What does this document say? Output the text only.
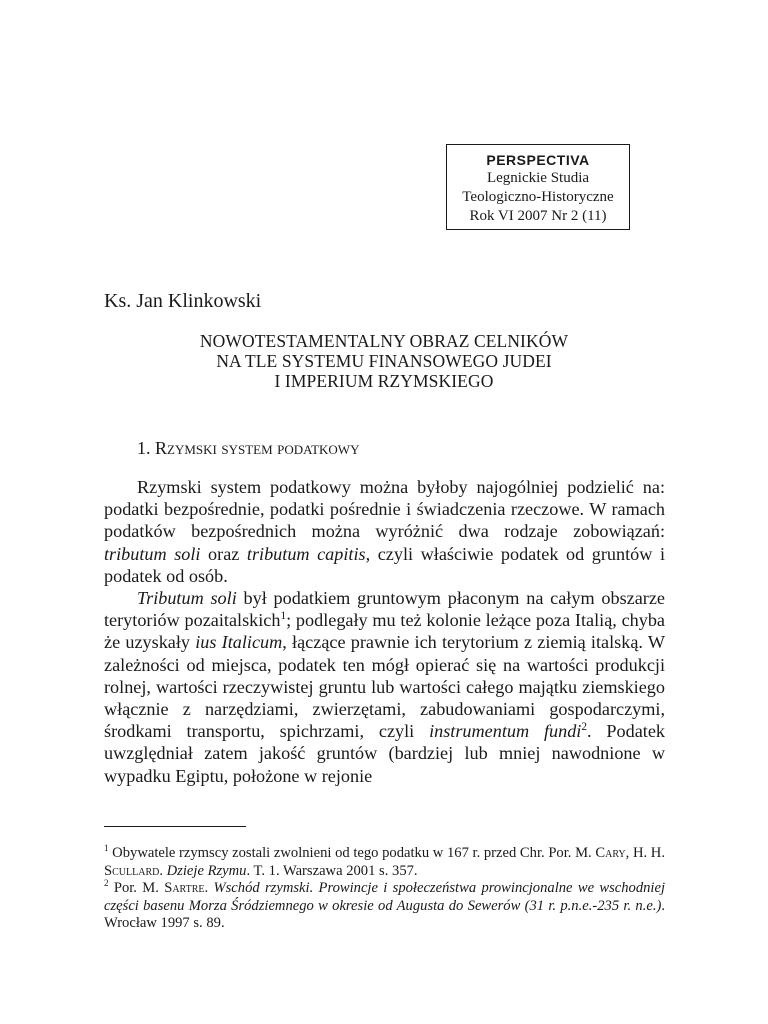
PERSPECTIVA
Legnickie Studia
Teologiczno-Historyczne
Rok VI 2007 Nr 2 (11)
Ks. Jan Klinkowski
NOWOTESTAMENTALNY OBRAZ CELNIKÓW
NA TLE SYSTEMU FINANSOWEGO JUDEI
I IMPERIUM RZYMSKIEGO
1. Rzymski system podatkowy

Rzymski system podatkowy można byłoby najogólniej podzielić na: podatki bezpośrednie, podatki pośrednie i świadczenia rzeczowe. W ramach podatków bezpośrednich można wyróżnić dwa rodzaje zobowiązań: tributum soli oraz tributum capitis, czyli właściwie podatek od gruntów i podatek od osób.

Tributum soli był podatkiem gruntowym płaconym na całym obszarze terytoriów pozaitalskich$^1$; podlegały mu też kolonie leżące poza Italią, chyba że uzyskały ius Italicum, łączące prawnie ich terytorium z ziemią italską. W zależności od miejsca, podatek ten mógł opierać się na wartości produkcji rolnej, wartości rzeczywistej gruntu lub wartości całego majątku ziemskiego włącznie z narzędziami, zwierzętami, zabudowaniami gospodarczymi, środkami transportu, spichrzami, czyli instrumentum fundi$^2$. Podatek uwzględniał zatem jakość gruntów (bardziej lub mniej nawodnione w wypadku Egiptu, położone w rejonie

$^1$ Obywatele rzymscy zostali zwolnieni od tego podatku w 167 r. przed Chr. Por. M. Cary, H. H. Scullard. Dzieje Rzymu. T. 1. Warszawa 2001 s. 357.

$^2$ Por. M. Sartre. Wschód rzymski. Prowincje i społeczeństwa prowincjonalne we wschodniej części basenu Morza Śródziemnego w okresie od Augusta do Sewerów (31 r. p.n.e.-235 r. n.e.). Wrocław 1997 s. 89.
